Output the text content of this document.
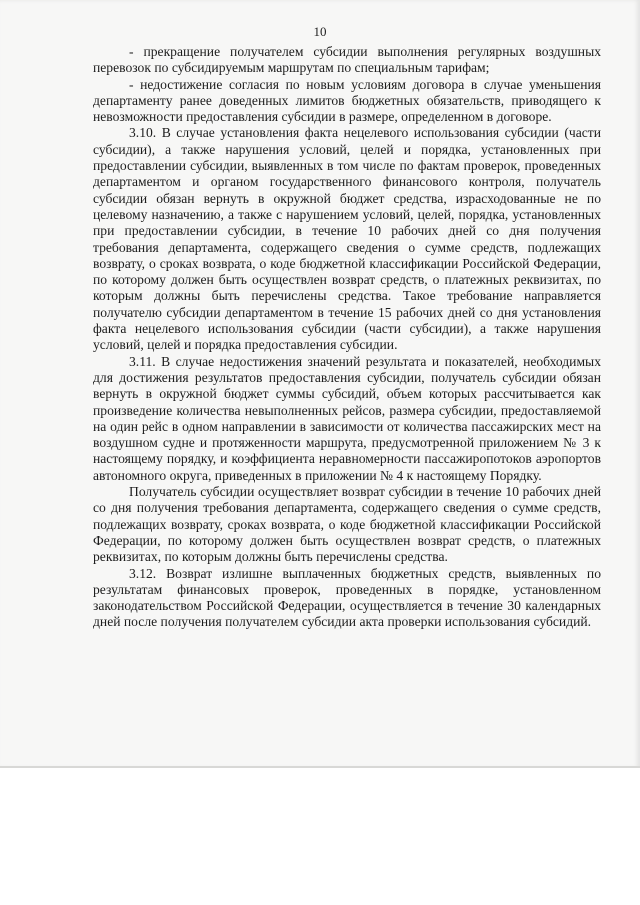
10

- прекращение получателем субсидии выполнения регулярных воздушных перевозок по субсидируемым маршрутам по специальным тарифам;

- недостижение согласия по новым условиям договора в случае уменьшения департаменту ранее доведенных лимитов бюджетных обязательств, приводящего к невозможности предоставления субсидии в размере, определенном в договоре.

3.10. В случае установления факта нецелевого использования субсидии (части субсидии), а также нарушения условий, целей и порядка, установленных при предоставлении субсидии, выявленных в том числе по фактам проверок, проведенных департаментом и органом государственного финансового контроля, получатель субсидии обязан вернуть в окружной бюджет средства, израсходованные не по целевому назначению, а также с нарушением условий, целей, порядка, установленных при предоставлении субсидии, в течение 10 рабочих дней со дня получения требования департамента, содержащего сведения о сумме средств, подлежащих возврату, о сроках возврата, о коде бюджетной классификации Российской Федерации, по которому должен быть осуществлен возврат средств, о платежных реквизитах, по которым должны быть перечислены средства. Такое требование направляется получателю субсидии департаментом в течение 15 рабочих дней со дня установления факта нецелевого использования субсидии (части субсидии), а также нарушения условий, целей и порядка предоставления субсидии.

3.11. В случае недостижения значений результата и показателей, необходимых для достижения результатов предоставления субсидии, получатель субсидии обязан вернуть в окружной бюджет суммы субсидий, объем которых рассчитывается как произведение количества невыполненных рейсов, размера субсидии, предоставляемой на один рейс в одном направлении в зависимости от количества пассажирских мест на воздушном судне и протяженности маршрута, предусмотренной приложением № 3 к настоящему порядку, и коэффициента неравномерности пассажиропотоков аэропортов автономного округа, приведенных в приложении № 4 к настоящему Порядку.

Получатель субсидии осуществляет возврат субсидии в течение 10 рабочих дней со дня получения требования департамента, содержащего сведения о сумме средств, подлежащих возврату, сроках возврата, о коде бюджетной классификации Российской Федерации, по которому должен быть осуществлен возврат средств, о платежных реквизитах, по которым должны быть перечислены средства.

3.12. Возврат излишне выплаченных бюджетных средств, выявленных по результатам финансовых проверок, проведенных в порядке, установленном законодательством Российской Федерации, осуществляется в течение 30 календарных дней после получения получателем субсидии акта проверки использования субсидий.
